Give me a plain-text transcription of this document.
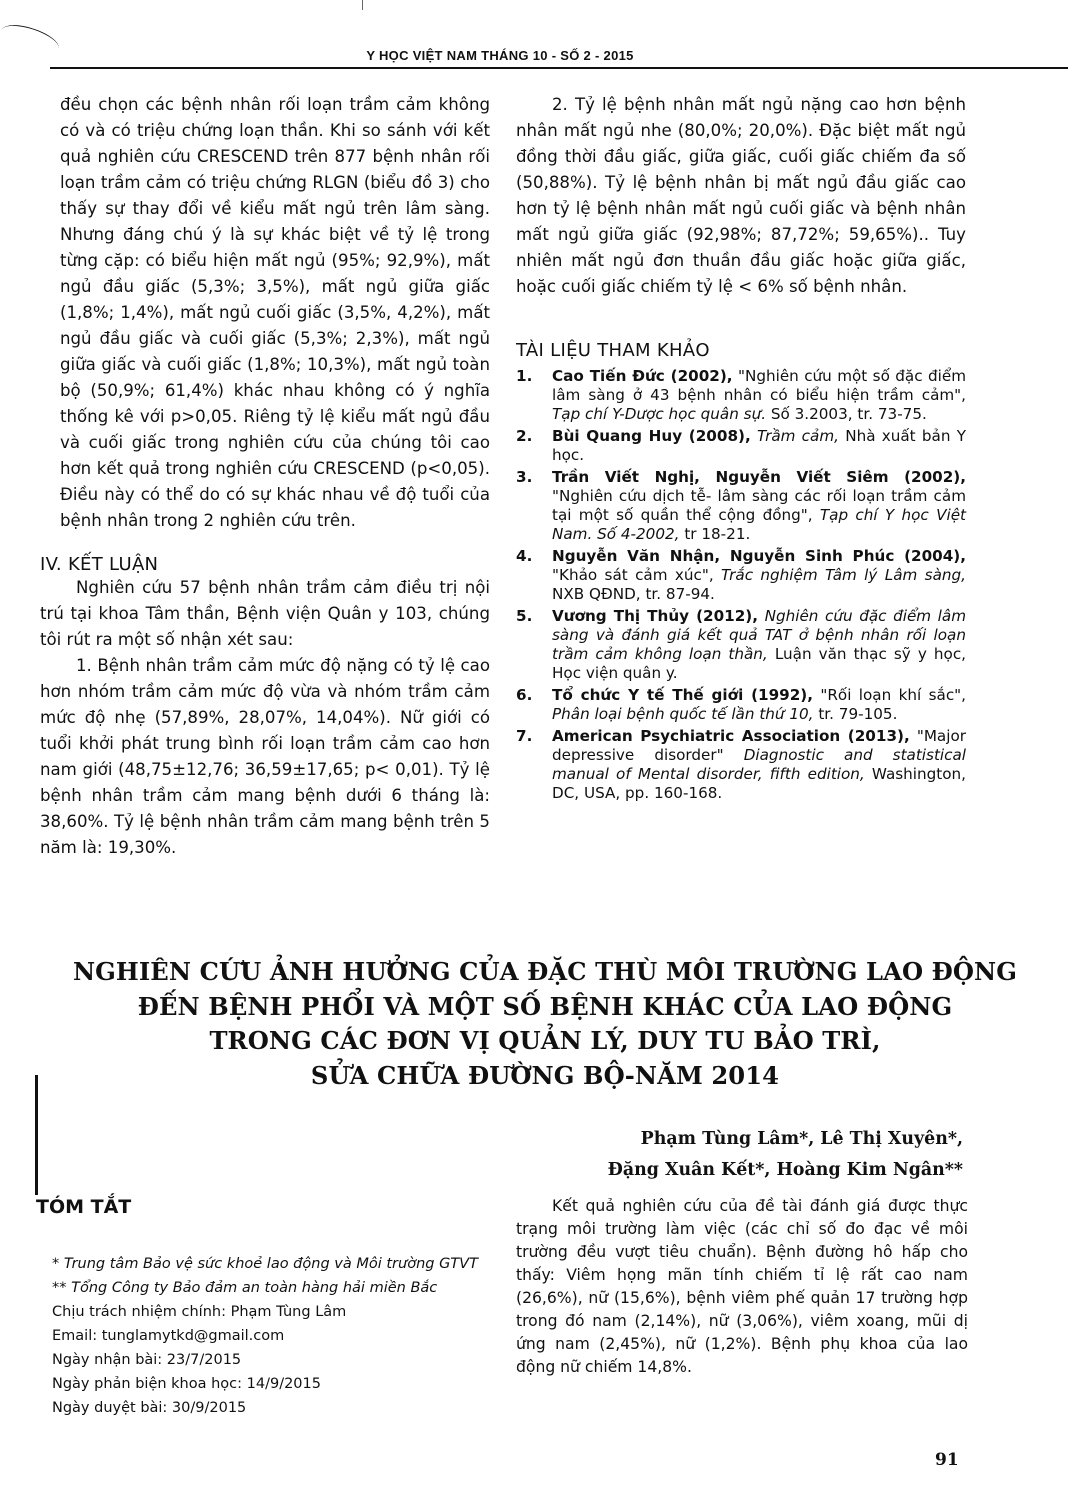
Y HỌC VIỆT NAM THÁNG 10 - SỐ 2 - 2015

đều chọn các bệnh nhân rối loạn trầm cảm không có và có triệu chứng loạn thần. Khi so sánh với kết quả nghiên cứu CRESCEND trên 877 bệnh nhân rối loạn trầm cảm có triệu chứng RLGN (biểu đồ 3) cho thấy sự thay đổi về kiểu mất ngủ trên lâm sàng. Nhưng đáng chú ý là sự khác biệt về tỷ lệ trong từng cặp: có biểu hiện mất ngủ (95%; 92,9%), mất ngủ đầu giấc (5,3%; 3,5%), mất ngủ giữa giấc (1,8%; 1,4%), mất ngủ cuối giấc (3,5%, 4,2%), mất ngủ đầu giấc và cuối giấc (5,3%; 2,3%), mất ngủ giữa giấc và cuối giấc (1,8%; 10,3%), mất ngủ toàn bộ (50,9%; 61,4%) khác nhau không có ý nghĩa thống kê với p>0,05. Riêng tỷ lệ kiểu mất ngủ đầu và cuối giấc trong nghiên cứu của chúng tôi cao hơn kết quả trong nghiên cứu CRESCEND (p<0,05). Điều này có thể do có sự khác nhau về độ tuổi của bệnh nhân trong 2 nghiên cứu trên.

IV. KẾT LUẬN

Nghiên cứu 57 bệnh nhân trầm cảm điều trị nội trú tại khoa Tâm thần, Bệnh viện Quân y 103, chúng tôi rút ra một số nhận xét sau:

1. Bệnh nhân trầm cảm mức độ nặng có tỷ lệ cao hơn nhóm trầm cảm mức độ vừa và nhóm trầm cảm mức độ nhẹ (57,89%, 28,07%, 14,04%). Nữ giới có tuổi khởi phát trung bình rối loạn trầm cảm cao hơn nam giới (48,75±12,76; 36,59±17,65; p< 0,01). Tỷ lệ bệnh nhân trầm cảm mang bệnh dưới 6 tháng là: 38,60%. Tỷ lệ bệnh nhân trầm cảm mang bệnh trên 5 năm là: 19,30%.

2. Tỷ lệ bệnh nhân mất ngủ nặng cao hơn bệnh nhân mất ngủ nhe (80,0%; 20,0%). Đặc biệt mất ngủ đồng thời đầu giấc, giữa giấc, cuối giấc chiếm đa số (50,88%). Tỷ lệ bệnh nhân bị mất ngủ đầu giấc cao hơn tỷ lệ bệnh nhân mất ngủ cuối giấc và bệnh nhân mất ngủ giữa giấc (92,98%; 87,72%; 59,65%).. Tuy nhiên mất ngủ đơn thuần đầu giấc hoặc giữa giấc, hoặc cuối giấc chiếm tỷ lệ < 6% số bệnh nhân.

TÀI LIỆU THAM KHẢO
1.	Cao Tiến Đức (2002), "Nghiên cứu một số đặc điểm lâm sàng ở 43 bệnh nhân có biểu hiện trầm cảm", Tạp chí Y-Dược học quân sự. Số 3.2003, tr. 73-75.
2.	Bùi Quang Huy (2008), Trầm cảm, Nhà xuất bản Y học.
3.	Trần Viết Nghị, Nguyễn Viết Siêm (2002), "Nghiên cứu dịch tễ- lâm sàng các rối loạn trầm cảm tại một số quần thể cộng đồng", Tạp chí Y học Việt Nam. Số 4-2002, tr 18-21.
4.	Nguyễn Văn Nhận, Nguyễn Sinh Phúc (2004), "Khảo sát cảm xúc", Trắc nghiệm Tâm lý Lâm sàng, NXB QĐND, tr. 87-94.
5.	Vương Thị Thủy (2012), Nghiên cứu đặc điểm lâm sàng và đánh giá kết quả TAT ở bệnh nhân rối loạn trầm cảm không loạn thần, Luận văn thạc sỹ y học, Học viện quân y.
6.	Tổ chức Y tế Thế giới (1992), "Rối loạn khí sắc", Phân loại bệnh quốc tế lần thứ 10, tr. 79-105.
7.	American Psychiatric Association (2013), "Major depressive disorder" Diagnostic and statistical manual of Mental disorder, fifth edition, Washington, DC, USA, pp. 160-168.
NGHIÊN CỨU ẢNH HƯỞNG CỦA ĐẶC THÙ MÔI TRƯỜNG LAO ĐỘNG
ĐẾN BỆNH PHỔI VÀ MỘT SỐ BỆNH KHÁC CỦA LAO ĐỘNG
TRONG CÁC ĐƠN VỊ QUẢN LÝ, DUY TU BẢO TRÌ,
SỬA CHỮA ĐƯỜNG BỘ-NĂM 2014
Phạm Tùng Lâm*, Lê Thị Xuyên*,
Đặng Xuân Kết*, Hoàng Kim Ngân**
TÓM TẮT
* Trung tâm Bảo vệ sức khoẻ lao động và Môi trường GTVT
** Tổng Công ty Bảo đảm an toàn hàng hải miền Bắc
Chịu trách nhiệm chính: Phạm Tùng Lâm
Email: tunglamytkd@gmail.com
Ngày nhận bài: 23/7/2015
Ngày phản biện khoa học: 14/9/2015
Ngày duyệt bài: 30/9/2015

Kết quả nghiên cứu của đề tài đánh giá được thực trạng môi trường làm việc (các chỉ số đo đạc về môi trường đều vượt tiêu chuẩn). Bệnh đường hô hấp cho thấy: Viêm họng mãn tính chiếm tỉ lệ rất cao nam (26,6%), nữ (15,6%), bệnh viêm phế quản 17 trường hợp trong đó nam (2,14%), nữ (3,06%), viêm xoang, mũi dị ứng nam (2,45%), nữ (1,2%). Bệnh phụ khoa của lao động nữ chiếm 14,8%.

91
